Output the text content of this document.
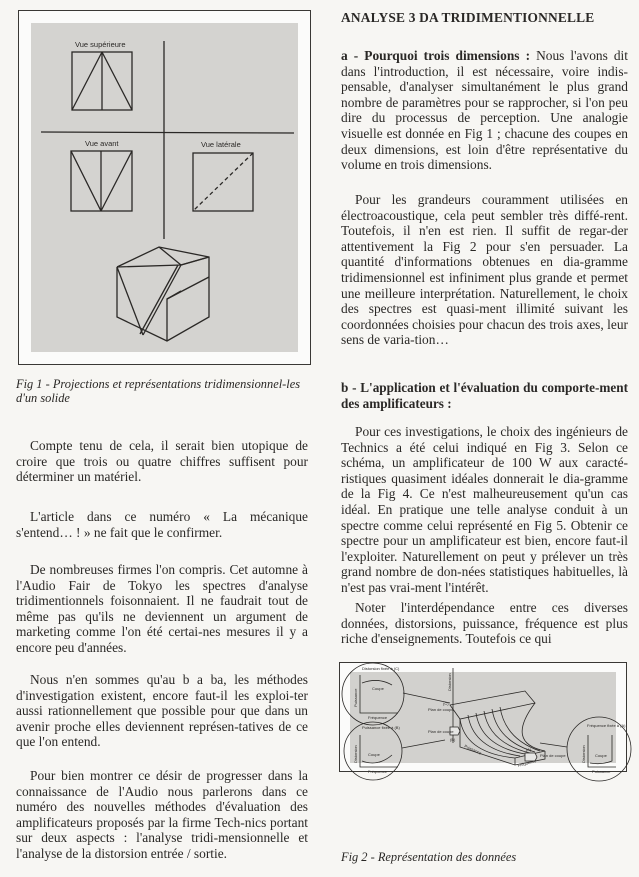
Vue supérieure
Vue avant	Vue latérale

Fig 1 - Projections et représentations tridimensionnel-les d'un solide

Compte tenu de cela, il serait bien utopique de croire que trois ou quatre chiffres suffisent pour déterminer un matériel.

L'article dans ce numéro « La mécanique s'entend… ! » ne fait que le confirmer.

De nombreuses firmes l'on compris. Cet automne à l'Audio Fair de Tokyo les spectres d'analyse tridimentionnels foisonnaient. Il ne faudrait tout de même pas qu'ils ne deviennent un argument de marketing comme l'on été certai-nes mesures il y a encore peu d'années.

Nous n'en sommes qu'au b a ba, les méthodes d'investigation existent, encore faut-il les exploi-ter aussi rationnellement que possible pour que dans un avenir proche elles deviennent représen-tatives de ce que l'on entend.

Pour bien montrer ce désir de progresser dans la connaissance de l'Audio nous parlerons dans ce numéro des nouvelles méthodes d'évaluation des amplificateurs proposés par la firme Tech-nics portant sur deux aspects : l'analyse tridi-mensionnelle et l'analyse de la distorsion entrée / sortie.

ANALYSE 3 DA TRIDIMENTIONNELLE

a - Pourquoi trois dimensions : Nous l'avons dit dans l'introduction, il est nécessaire, voire indis-pensable, d'analyser simultanément le plus grand nombre de paramètres pour se rapprocher, si l'on peu dire du processus de perception. Une analogie visuelle est donnée en Fig 1 ; chacune des coupes en deux dimensions, est loin d'être représentative du volume en trois dimensions.

Pour les grandeurs couramment utilisées en électroacoustique, cela peut sembler très diffé-rent. Toutefois, il n'en est rien. Il suffit de regar-der attentivement la Fig 2 pour s'en persuader. La quantité d'informations obtenues en dia-gramme tridimensionnel est infiniment plus grande et permet une meilleure interprétation. Naturellement, le choix des spectres est quasi-ment illimité suivant les coordonnées choisies pour chacun des trois axes, leur sens de varia-tion…

b - L'application et l'évaluation du comporte-ment des amplificateurs :

Pour ces investigations, le choix des ingénieurs de Technics a été celui indiqué en Fig 3. Selon ce schéma, un amplificateur de 100 W aux caracté-ristiques quasiment idéales donnerait le dia-gramme de la Fig 4. Ce n'est malheureusement qu'un cas idéal. En pratique une telle analyse conduit à un spectre comme celui représenté en Fig 5. Obtenir ce spectre pour un amplificateur est bien, encore faut-il l'exploiter. Naturellement on peut y prélever un très grand nombre de don-nées statistiques habituelles, là n'est pas vrai-ment l'intérêt.

Noter l'interdépendance entre ces diverses données, distorsions, puissance, fréquence est plus riche d'enseignements. Toutefois ce qui

Distorsion fixée à (C)
Coupe
Fréquence
Puissance
Puissance fixée à (B)
Coupe
Fréquence
Distorsion
Fréquence fixée à (A)
Coupe
Puissance
Distorsion
Distorsion
(C)
Plan de coupe
Plan de coupe
(B)
Puissance
Fréquence
(A)
Plan de coupe

Fig 2 - Représentation des données
